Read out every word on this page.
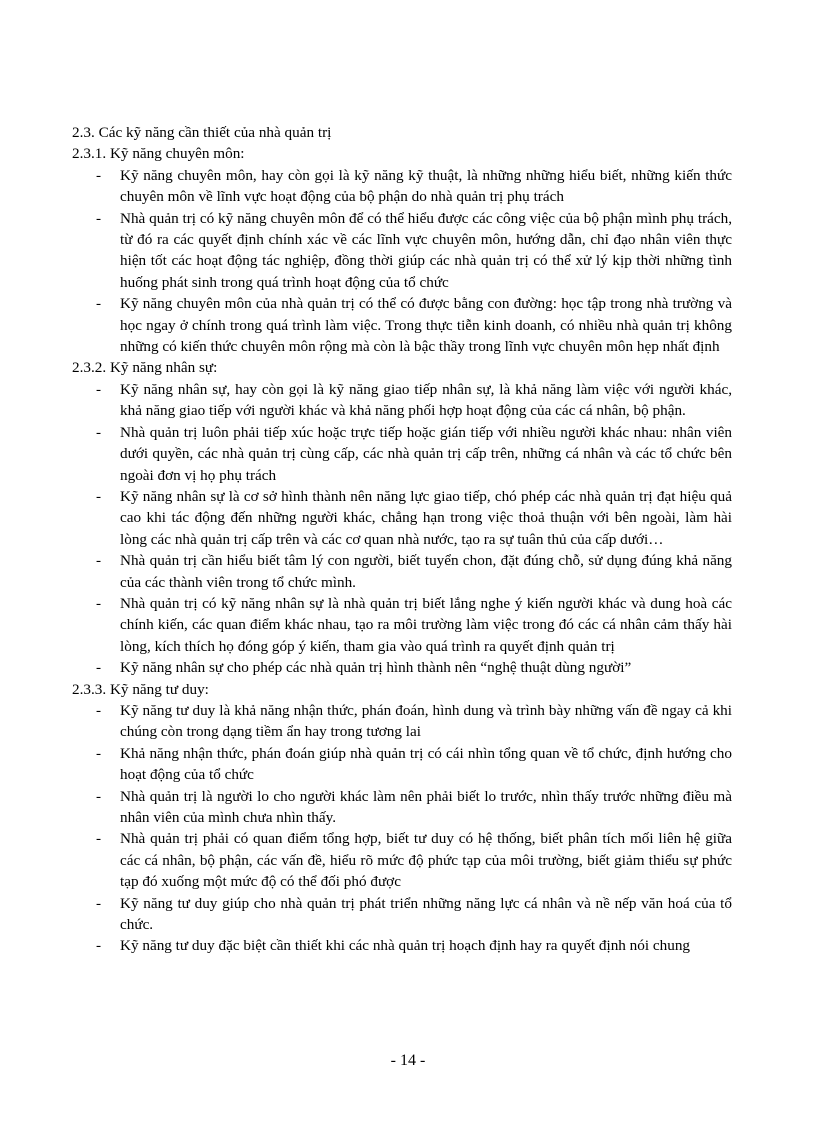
2.3. Các kỹ năng cần thiết của nhà quản trị

2.3.1. Kỹ năng chuyên môn:

- Kỹ năng chuyên môn, hay còn gọi là kỹ năng kỹ thuật, là những những hiểu biết, những kiến thức chuyên môn về lĩnh vực hoạt động của bộ phận do nhà quản trị phụ trách
- Nhà quản trị có kỹ năng chuyên môn để có thể hiểu được các công việc của bộ phận mình phụ trách, từ đó ra các quyết định chính xác về các lĩnh vực chuyên môn, hướng dẫn, chỉ đạo nhân viên thực hiện tốt các hoạt động tác nghiệp, đồng thời giúp các nhà quản trị có thể xử lý kịp thời những tình huống phát sinh trong quá trình hoạt động của tổ chức
- Kỹ năng chuyên môn của nhà quản trị có thể có được bằng con đường: học tập trong nhà trường và học ngay ở chính trong quá trình làm việc. Trong thực tiễn kinh doanh, có nhiều nhà quản trị không những có kiến thức chuyên môn rộng mà còn là bậc thầy trong lĩnh vực chuyên môn hẹp nhất định

2.3.2. Kỹ năng nhân sự:

- Kỹ năng nhân sự, hay còn gọi là kỹ năng giao tiếp nhân sự, là khả năng làm việc với người khác, khả năng giao tiếp với người khác và khả năng phối hợp hoạt động của các cá nhân, bộ phận.
- Nhà quản trị luôn phải tiếp xúc hoặc trực tiếp hoặc gián tiếp với nhiều người khác nhau: nhân viên dưới quyền, các nhà quản trị cùng cấp, các nhà quản trị cấp trên, những cá nhân và các tổ chức bên ngoài đơn vị họ phụ trách
- Kỹ năng nhân sự là cơ sở hình thành nên năng lực giao tiếp, chó phép các nhà quản trị đạt hiệu quả cao khi tác động đến những người khác, chẳng hạn trong việc thoả thuận với bên ngoài, làm hài lòng các nhà quản trị cấp trên và các cơ quan nhà nước, tạo ra sự tuân thủ của cấp dưới…
- Nhà quản trị cần hiểu biết tâm lý con người, biết tuyển chon, đặt đúng chỗ, sử dụng đúng khả năng của các thành viên trong tổ chức mình.
- Nhà quản trị có kỹ năng nhân sự là nhà quản trị biết lắng nghe ý kiến người khác và dung hoà các chính kiến, các quan điểm khác nhau, tạo ra môi trường làm việc trong đó các cá nhân cảm thấy hài lòng, kích thích họ đóng góp ý kiến, tham gia vào quá trình ra quyết định quản trị
- Kỹ năng nhân sự cho phép các nhà quản trị hình thành nên “nghệ thuật dùng người”

2.3.3. Kỹ năng tư duy:

- Kỹ năng tư duy là khả năng nhận thức, phán đoán, hình dung và trình bày những vấn đề ngay cả khi chúng còn trong dạng tiềm ẩn hay trong tương lai
- Khả năng nhận thức, phán đoán giúp nhà quản trị có cái nhìn tổng quan về tổ chức, định hướng cho hoạt động của tổ chức
- Nhà quản trị là người lo cho người khác làm nên phải biết lo trước, nhìn thấy trước những điều mà nhân viên của mình chưa nhìn thấy.
- Nhà quản trị phải có quan điểm tổng hợp, biết tư duy có hệ thống, biết phân tích mối liên hệ giữa các cá nhân, bộ phận, các vấn đề, hiểu rõ mức độ phức tạp của môi trường, biết giảm thiểu sự phức tạp đó xuống một mức độ có thể đối phó được
- Kỹ năng tư duy giúp cho nhà quản trị phát triển những năng lực cá nhân và nề nếp văn hoá của tổ chức.
- Kỹ năng tư duy đặc biệt cần thiết khi các nhà quản trị hoạch định hay ra quyết định nói chung
- 14 -
